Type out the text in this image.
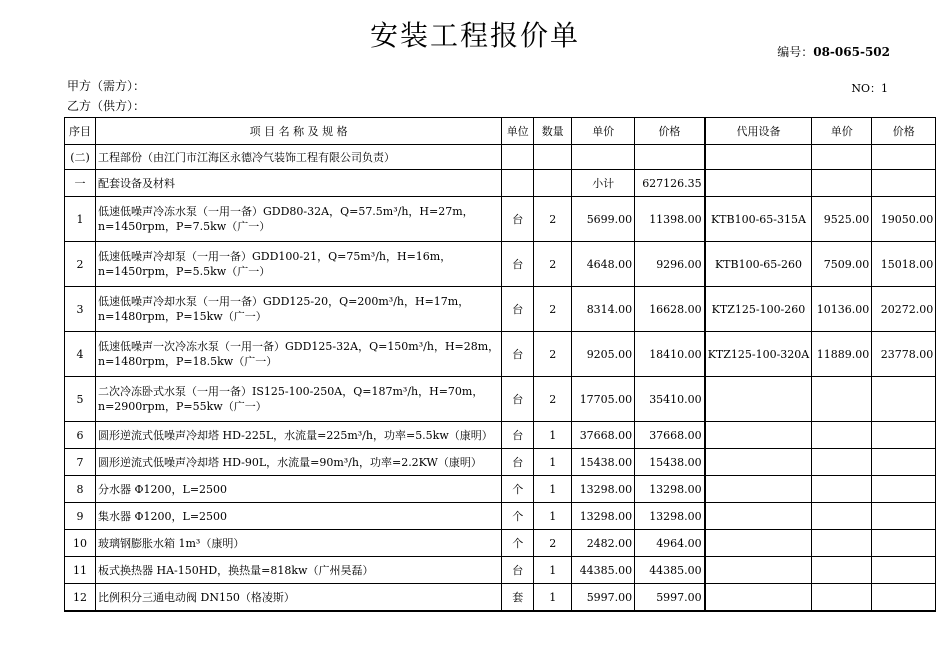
安装工程报价单	编号：08-065-502
NO：1
甲方（需方）：
乙方（供方）：
序目	项 目 名 称 及 规 格	单位	数量	单价	价格	代用设备	单价	价格
(二)	工程部份（由江门市江海区永德冷气装饰工程有限公司负责）							
一	配套设备及材料			小计	627126.35			
1	低速低噪声冷冻水泵（一用一备）GDD80-32A，Q=57.5m³/h，H=27m，
n=1450rpm，P=7.5kw（广一）	台	2	5699.00	11398.00	KTB100-65-315A	9525.00	19050.00
2	低速低噪声冷却泵（一用一备）GDD100-21，Q=75m³/h，H=16m，
n=1450rpm，P=5.5kw（广一）	台	2	4648.00	9296.00	KTB100-65-260	7509.00	15018.00
3	低速低噪声冷却水泵（一用一备）GDD125-20，Q=200m³/h，H=17m，
n=1480rpm，P=15kw（广一）	台	2	8314.00	16628.00	KTZ125-100-260	10136.00	20272.00
4	低速低噪声一次冷冻水泵（一用一备）GDD125-32A，Q=150m³/h，H=28m，
n=1480rpm，P=18.5kw（广一）	台	2	9205.00	18410.00	KTZ125-100-320A	11889.00	23778.00
5	二次冷冻卧式水泵（一用一备）IS125-100-250A，Q=187m³/h，H=70m，
n=2900rpm，P=55kw（广一）	台	2	17705.00	35410.00			
6	圆形逆流式低噪声冷却塔 HD-225L，水流量=225m³/h，功率=5.5kw（康明）	台	1	37668.00	37668.00			
7	圆形逆流式低噪声冷却塔 HD-90L，水流量=90m³/h，功率=2.2KW（康明）	台	1	15438.00	15438.00			
8	分水器 Φ1200，L=2500	个	1	13298.00	13298.00			
9	集水器 Φ1200，L=2500	个	1	13298.00	13298.00			
10	玻璃钢膨胀水箱 1m³（康明）	个	2	2482.00	4964.00			
11	板式换热器 HA-150HD，换热量=818kw（广州昊磊）	台	1	44385.00	44385.00			
12	比例积分三通电动阀 DN150（格凌斯）	套	1	5997.00	5997.00			
